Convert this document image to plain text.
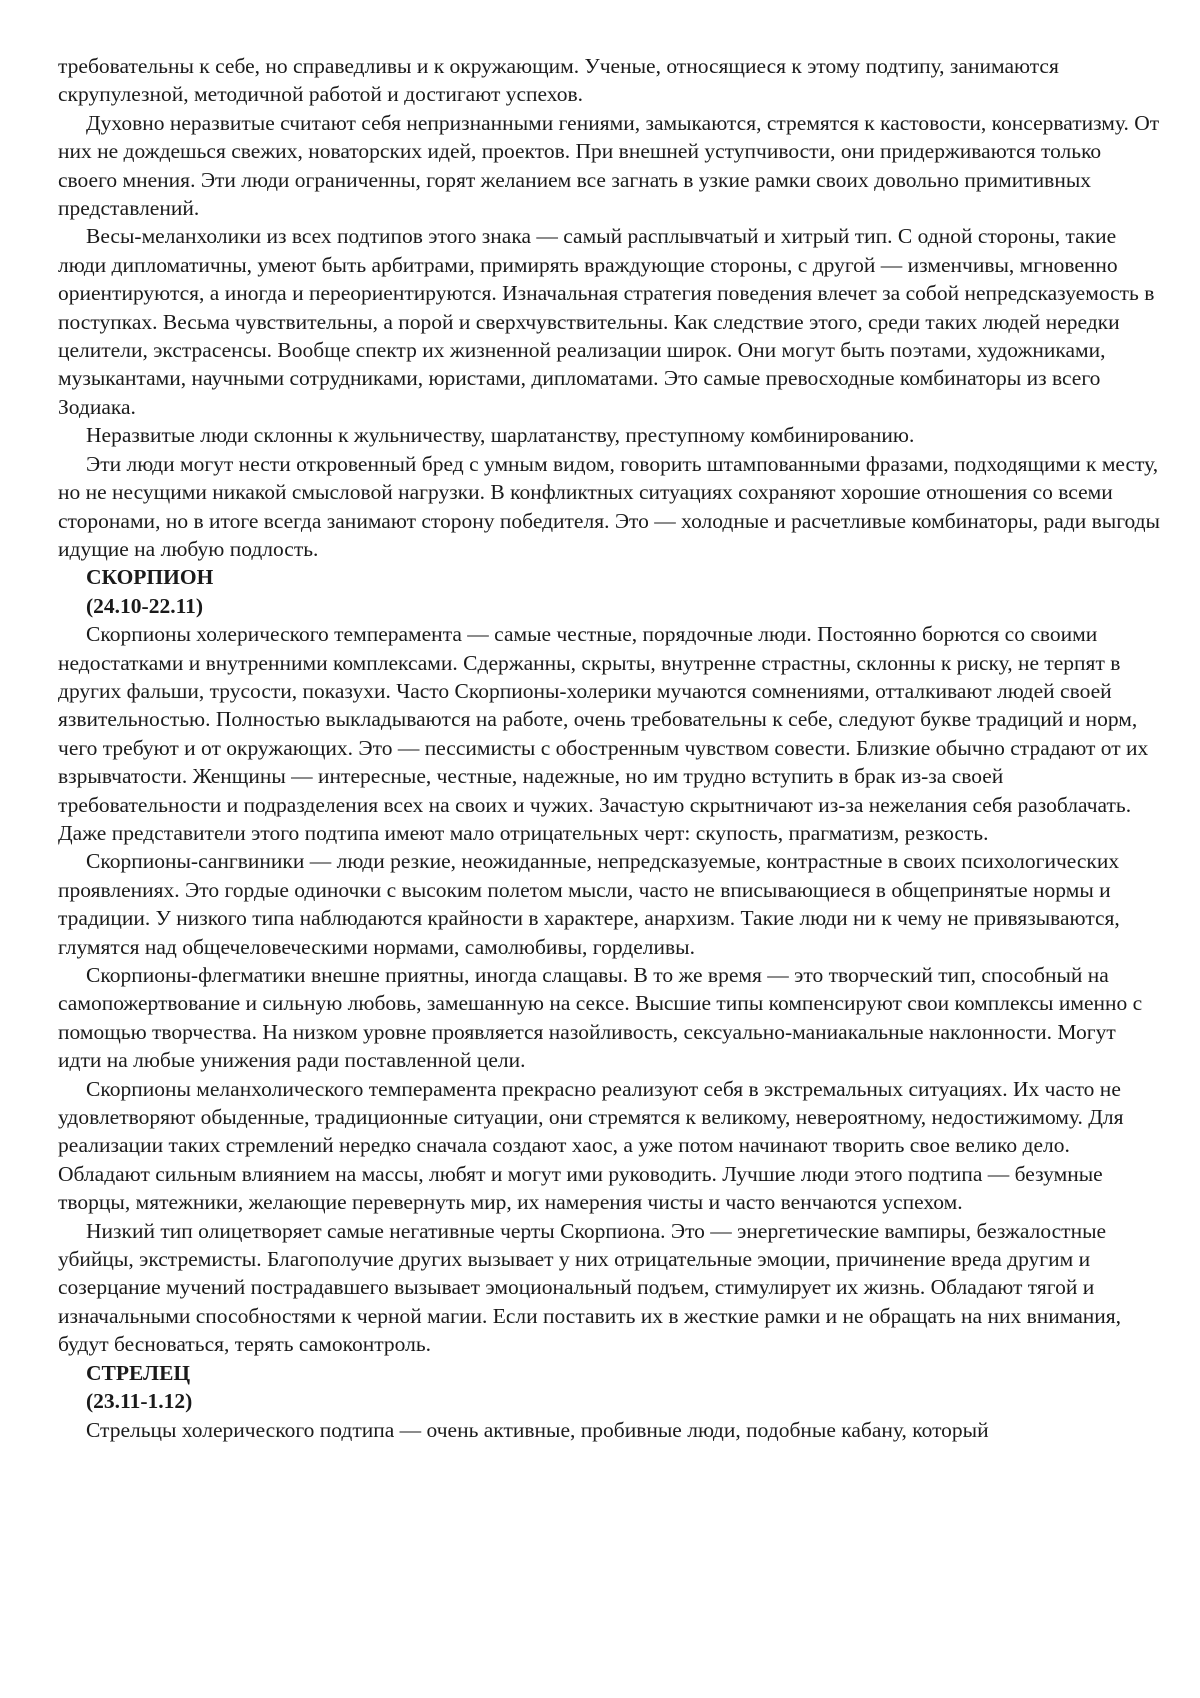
требовательны к себе, но справедливы и к окружающим. Ученые, относящиеся к этому подтипу, занимаются скрупулезной, методичной работой и достигают успехов.

Духовно неразвитые считают себя непризнанными гениями, замыкаются, стремятся к кастовости, консерватизму. От них не дождешься свежих, новаторских идей, проектов. При внешней уступчивости, они придерживаются только своего мнения. Эти люди ограниченны, горят желанием все загнать в узкие рамки своих довольно примитивных представлений.

Весы-меланхолики из всех подтипов этого знака — самый расплывчатый и хитрый тип. С одной стороны, такие люди дипломатичны, умеют быть арбитрами, примирять враждующие стороны, с другой — изменчивы, мгновенно ориентируются, а иногда и переориентируются. Изначальная стратегия поведения влечет за собой непредсказуемость в поступках. Весьма чувствительны, а порой и сверхчувствительны. Как следствие этого, среди таких людей нередки целители, экстрасенсы. Вообще спектр их жизненной реализации широк. Они могут быть поэтами, художниками, музыкантами, научными сотрудниками, юристами, дипломатами. Это самые превосходные комбинаторы из всего Зодиака.

Неразвитые люди склонны к жульничеству, шарлатанству, преступному комбинированию.

Эти люди могут нести откровенный бред с умным видом, говорить штампованными фразами, подходящими к месту, но не несущими никакой смысловой нагрузки. В конфликтных ситуациях сохраняют хорошие отношения со всеми сторонами, но в итоге всегда занимают сторону победителя. Это — холодные и расчетливые комбинаторы, ради выгоды идущие на любую подлость.

СКОРПИОН

(24.10-22.11)

Скорпионы холерического темперамента — самые честные, порядочные люди. Постоянно борются со своими недостатками и внутренними комплексами. Сдержанны, скрыты, внутренне страстны, склонны к риску, не терпят в других фальши, трусости, показухи. Часто Скорпионы-холерики мучаются сомнениями, отталкивают людей своей язвительностью. Полностью выкладываются на работе, очень требовательны к себе, следуют букве традиций и норм, чего требуют и от окружающих. Это — пессимисты с обостренным чувством совести. Близкие обычно страдают от их взрывчатости. Женщины — интересные, честные, надежные, но им трудно вступить в брак из-за своей требовательности и подразделения всех на своих и чужих. Зачастую скрытничают из-за нежелания себя разоблачать. Даже представители этого подтипа имеют мало отрицательных черт: скупость, прагматизм, резкость.

Скорпионы-сангвиники — люди резкие, неожиданные, непредсказуемые, контрастные в своих психологических проявлениях. Это гордые одиночки с высоким полетом мысли, часто не вписывающиеся в общепринятые нормы и традиции. У низкого типа наблюдаются крайности в характере, анархизм. Такие люди ни к чему не привязываются, глумятся над общечеловеческими нормами, самолюбивы, горделивы.

Скорпионы-флегматики внешне приятны, иногда слащавы. В то же время — это творческий тип, способный на самопожертвование и сильную любовь, замешанную на сексе. Высшие типы компенсируют свои комплексы именно с помощью творчества. На низком уровне проявляется назойливость, сексуально-маниакальные наклонности. Могут идти на любые унижения ради поставленной цели.

Скорпионы меланхолического темперамента прекрасно реализуют себя в экстремальных ситуациях. Их часто не удовлетворяют обыденные, традиционные ситуации, они стремятся к великому, невероятному, недостижимому. Для реализации таких стремлений нередко сначала создают хаос, а уже потом начинают творить свое велико дело. Обладают сильным влиянием на массы, любят и могут ими руководить. Лучшие люди этого подтипа — безумные творцы, мятежники, желающие перевернуть мир, их намерения чисты и часто венчаются успехом.

Низкий тип олицетворяет самые негативные черты Скорпиона. Это — энергетические вампиры, безжалостные убийцы, экстремисты. Благополучие других вызывает у них отрицательные эмоции, причинение вреда другим и созерцание мучений пострадавшего вызывает эмоциональный подъем, стимулирует их жизнь. Обладают тягой и изначальными способностями к черной магии. Если поставить их в жесткие рамки и не обращать на них внимания, будут бесноваться, терять самоконтроль.

СТРЕЛЕЦ

(23.11-1.12)

Стрельцы холерического подтипа — очень активные, пробивные люди, подобные кабану, который
